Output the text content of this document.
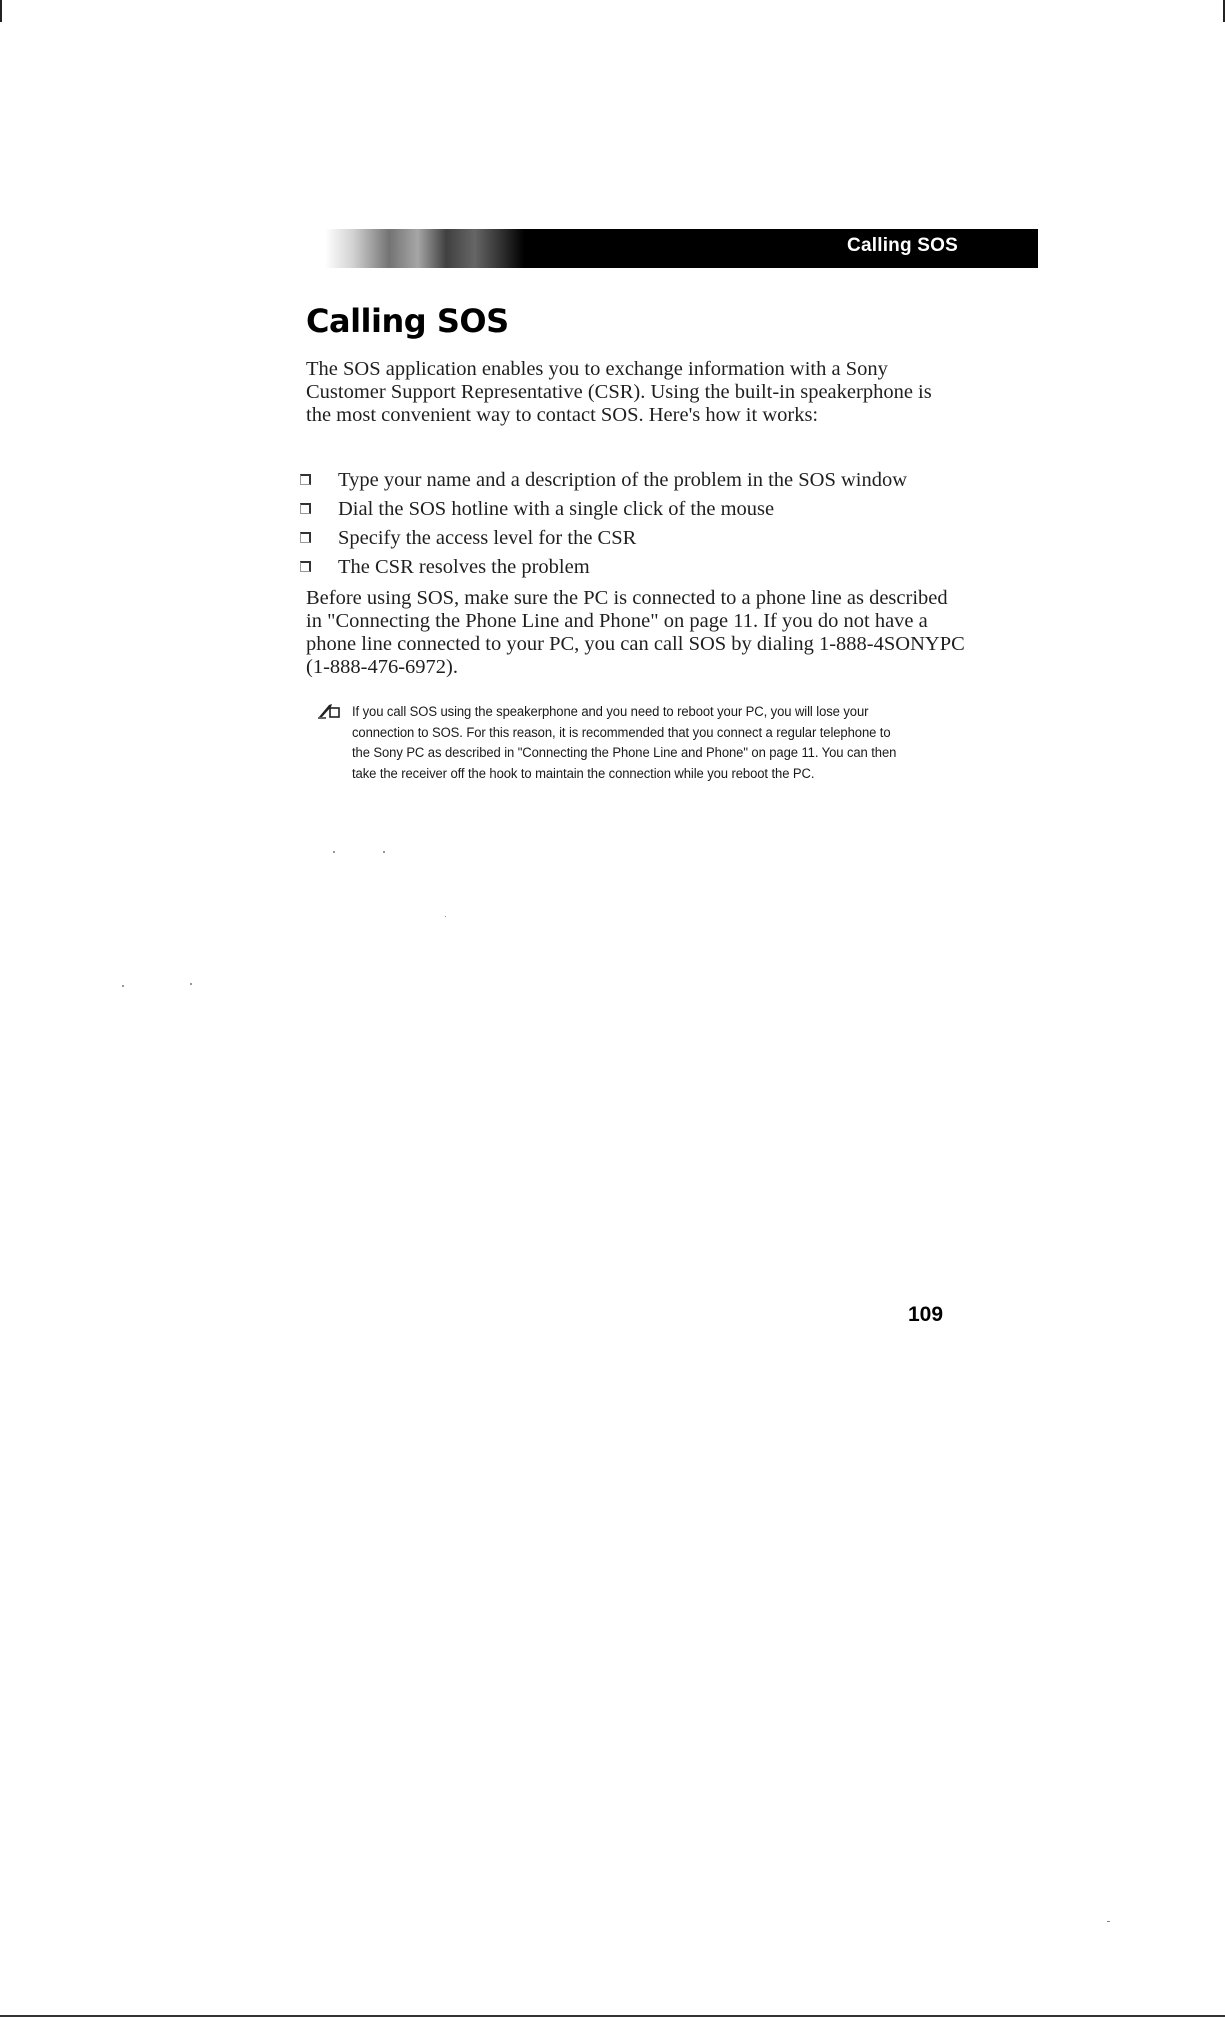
Calling SOS
Calling SOS

The SOS application enables you to exchange information with a Sony Customer Support Representative (CSR). Using the built-in speakerphone is the most convenient way to contact SOS. Here's how it works:

Type your name and a description of the problem in the SOS window
Dial the SOS hotline with a single click of the mouse
Specify the access level for the CSR
The CSR resolves the problem

Before using SOS, make sure the PC is connected to a phone line as described in "Connecting the Phone Line and Phone" on page 11. If you do not have a phone line connected to your PC, you can call SOS by dialing 1-888-4SONYPC (1-888-476-6972).

If you call SOS using the speakerphone and you need to reboot your PC, you will lose your connection to SOS. For this reason, it is recommended that you connect a regular telephone to the Sony PC as described in "Connecting the Phone Line and Phone" on page 11. You can then take the receiver off the hook to maintain the connection while you reboot the PC.

109
